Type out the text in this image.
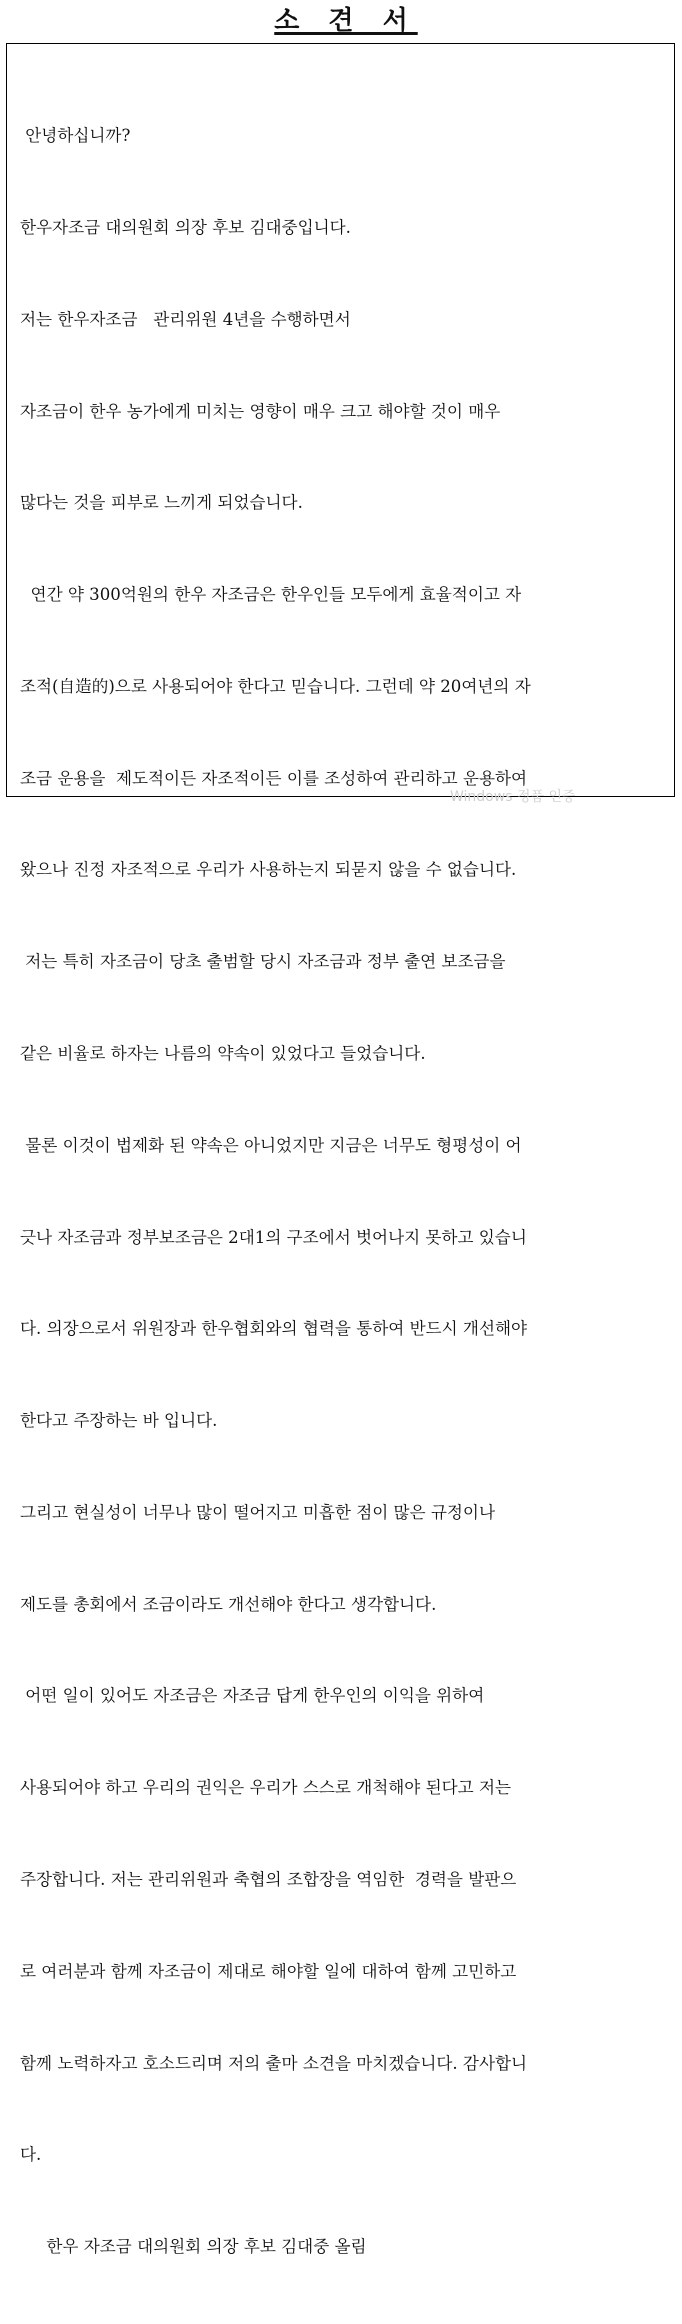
소 견 서

안녕하십니까?

한우자조금 대의원회 의장 후보 김대중입니다.

저는 한우자조금   관리위원 4년을 수행하면서

자조금이 한우 농가에게 미치는 영향이 매우 크고 해야할 것이 매우

많다는 것을 피부로 느끼게 되었습니다.

연간 약 300억원의 한우 자조금은 한우인들 모두에게 효율적이고 자

조적(自造的)으로 사용되어야 한다고 믿습니다. 그런데 약 20여년의 자

조금 운용을  제도적이든 자조적이든 이를 조성하여 관리하고 운용하여

왔으나 진정 자조적으로 우리가 사용하는지 되묻지 않을 수 없습니다.

저는 특히 자조금이 당초 출범할 당시 자조금과 정부 출연 보조금을

같은 비율로 하자는 나름의 약속이 있었다고 들었습니다.

물론 이것이 법제화 된 약속은 아니었지만 지금은 너무도 형평성이 어

긋나 자조금과 정부보조금은 2대1의 구조에서 벗어나지 못하고 있습니

다. 의장으로서 위원장과 한우협회와의 협력을 통하여 반드시 개선해야

한다고 주장하는 바 입니다.

그리고 현실성이 너무나 많이 떨어지고 미흡한 점이 많은 규정이나

제도를 총회에서 조금이라도 개선해야 한다고 생각합니다.

어떤 일이 있어도 자조금은 자조금 답게 한우인의 이익을 위하여

사용되어야 하고 우리의 권익은 우리가 스스로 개척해야 된다고 저는

주장합니다. 저는 관리위원과 축협의 조합장을 역임한  경력을 발판으

로 여러분과 함께 자조금이 제대로 해야할 일에 대하여 함께 고민하고

함께 노력하자고 호소드리며 저의 출마 소견을 마치겠습니다. 감사합니

다.

한우 자조금 대의원회 의장 후보 김대중 올림

Windows 정품 인증
